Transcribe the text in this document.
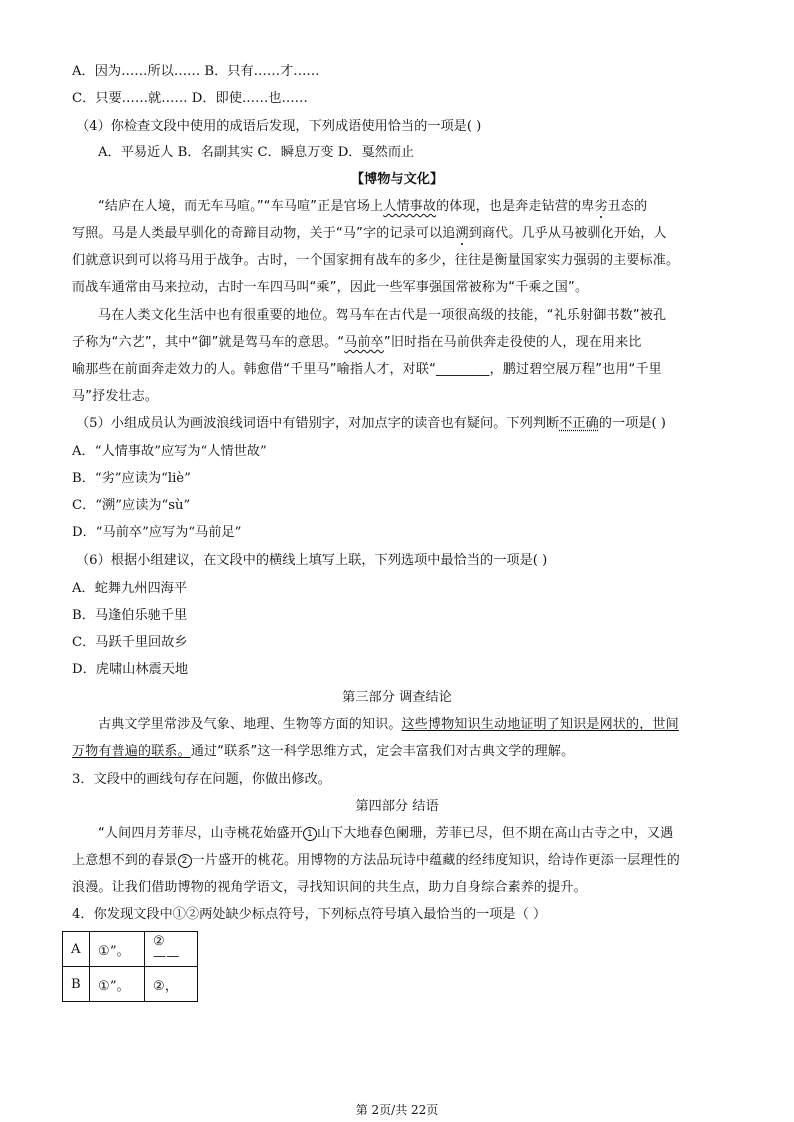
A．因为……所以…… B．只有……才……
C．只要……就…… D．即使……也……
（4）你检查文段中使用的成语后发现，下列成语使用恰当的一项是( )
A．平易近人 B．名副其实 C．瞬息万变 D．戛然而止
【博物与文化】
“结庐在人境，而无车马喧。”“车马喧”正是官场上人情事故的体现，也是奔走钻营的卑劣丑态的
写照。马是人类最早驯化的奇蹄目动物，关于“马”字的记录可以追溯到商代。几乎从马被驯化开始，人
们就意识到可以将马用于战争。古时，一个国家拥有战车的多少，往往是衡量国家实力强弱的主要标准。
而战车通常由马来拉动，古时一车四马叫“乘”，因此一些军事强国常被称为“千乘之国”。
马在人类文化生活中也有很重要的地位。驾马车在古代是一项很高级的技能，“礼乐射御书数”被孔
子称为“六艺”，其中“御”就是驾马车的意思。“马前卒”旧时指在马前供奔走役使的人，现在用来比
喻那些在前面奔走效力的人。韩愈借“千里马”喻指人才，对联“________，鹏过碧空展万程”也用“千里
马”抒发壮志。
（5）小组成员认为画波浪线词语中有错别字，对加点字的读音也有疑问。下列判断不正确的一项是( )
A．“人情事故”应写为“人情世故”
B．“劣”应读为“liè”
C．“溯”应读为“sù”
D．“马前卒”应写为“马前足”
（6）根据小组建议，在文段中的横线上填写上联，下列选项中最恰当的一项是( )
A．蛇舞九州四海平
B．马逢伯乐驰千里
C．马跃千里回故乡
D．虎啸山林震天地
第三部分 调查结论
古典文学里常涉及气象、地理、生物等方面的知识。这些博物知识生动地证明了知识是网状的，世间
万物有普遍的联系。通过“联系”这一科学思维方式，定会丰富我们对古典文学的理解。
3．文段中的画线句存在问题，你做出修改。
第四部分 结语
“人间四月芳菲尽，山寺桃花始盛开 1 山下大地春色阑珊，芳菲已尽，但不期在高山古寺之中，又遇
上意想不到的春景 2 一片盛开的桃花。用博物的方法品玩诗中蕴藏的经纬度知识，给诗作更添一层理性的
浪漫。让我们借助博物的视角学语文，寻找知识间的共生点，助力自身综合素养的提升。
4．你发现文段中①②两处缺少标点符号，下列标点符号填入最恰当的一项是（ ）
A	①”。	②——
B	①”。	②，
第 2页/共 22页
